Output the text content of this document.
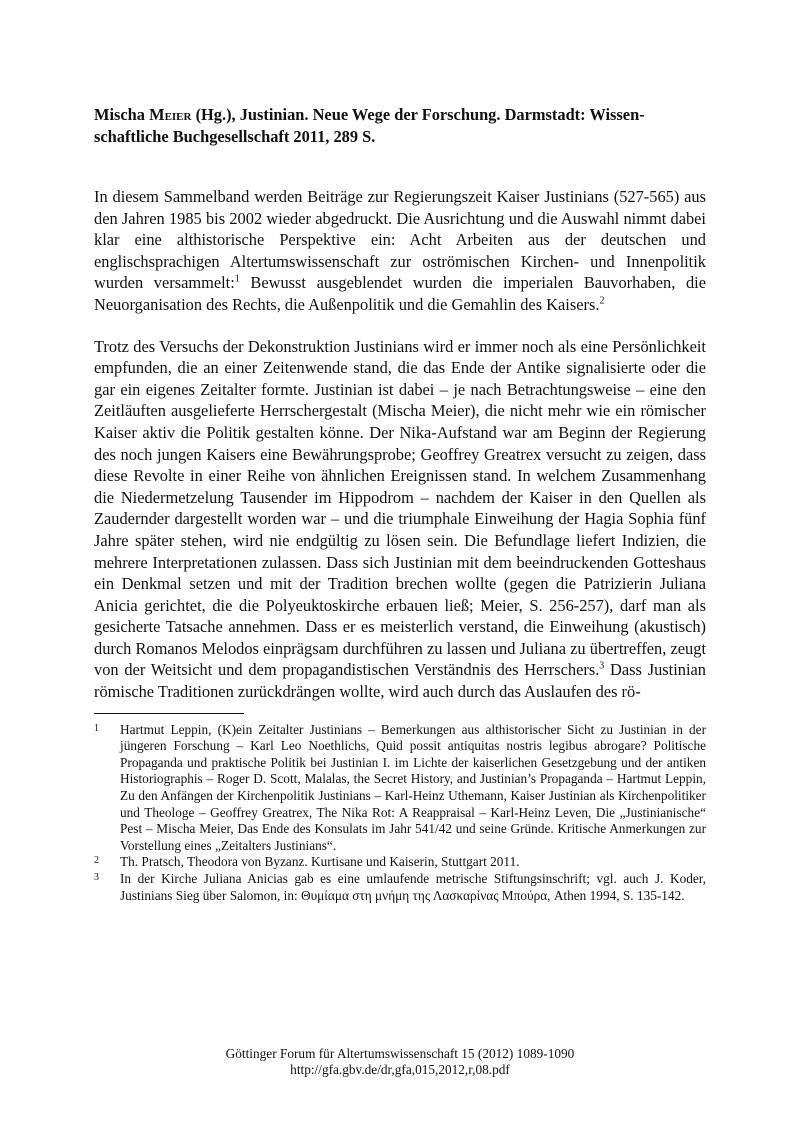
Mischa Meier (Hg.), Justinian. Neue Wege der Forschung. Darmstadt: Wissen-
schaftliche Buchgesellschaft 2011, 289 S.

In diesem Sammelband werden Beiträge zur Regierungszeit Kaiser Justinians (527-565) aus den Jahren 1985 bis 2002 wieder abgedruckt. Die Ausrichtung und die Auswahl nimmt dabei klar eine althistorische Perspektive ein: Acht Arbeiten aus der deutschen und englischsprachigen Altertumswissenschaft zur oströmischen Kirchen- und Innenpolitik wurden versammelt:$^1$ Bewusst ausgeblendet wurden die imperialen Bauvorhaben, die Neuorganisation des Rechts, die Außenpolitik und die Gemahlin des Kaisers.$^2$

Trotz des Versuchs der Dekonstruktion Justinians wird er immer noch als eine Persönlichkeit empfunden, die an einer Zeitenwende stand, die das Ende der Antike signalisierte oder die gar ein eigenes Zeitalter formte. Justinian ist dabei – je nach Betrachtungsweise – eine den Zeitläuften ausgelieferte Herrschergestalt (Mischa Meier), die nicht mehr wie ein römischer Kaiser aktiv die Politik gestalten könne. Der Nika-Aufstand war am Beginn der Regierung des noch jungen Kaisers eine Bewährungsprobe; Geoffrey Greatrex versucht zu zeigen, dass diese Revolte in einer Reihe von ähnlichen Ereignissen stand. In welchem Zusammenhang die Niedermetzelung Tausender im Hippodrom – nachdem der Kaiser in den Quellen als Zaudernder dargestellt worden war – und die triumphale Einweihung der Hagia Sophia fünf Jahre später stehen, wird nie endgültig zu lösen sein. Die Befundlage liefert Indizien, die mehrere Interpretationen zulassen. Dass sich Justinian mit dem beeindruckenden Gotteshaus ein Denkmal setzen und mit der Tradition brechen wollte (gegen die Patrizierin Juliana Anicia gerichtet, die die Polyeuktoskirche erbauen ließ; Meier, S. 256-257), darf man als gesicherte Tatsache annehmen. Dass er es meisterlich verstand, die Einweihung (akustisch) durch Romanos Melodos einprägsam durchführen zu lassen und Juliana zu übertreffen, zeugt von der Weitsicht und dem propagandistischen Verständnis des Herrschers.$^3$ Dass Justinian römische Traditionen zurückdrängen wollte, wird auch durch das Auslaufen des rö-

1	Hartmut Leppin, (K)ein Zeitalter Justinians – Bemerkungen aus althistorischer Sicht zu Justinian in der jüngeren Forschung – Karl Leo Noethlichs, Quid possit antiquitas nostris legibus abrogare? Politische Propaganda und praktische Politik bei Justinian I. im Lichte der kaiserlichen Gesetzgebung und der antiken Historiographis – Roger D. Scott, Malalas, the Secret History, and Justinian’s Propaganda – Hartmut Leppin, Zu den Anfängen der Kirchenpolitik Justinians – Karl-Heinz Uthemann, Kaiser Justinian als Kirchenpolitiker und Theologe – Geoffrey Greatrex, The Nika Rot: A Reappraisal – Karl-Heinz Leven, Die „Justinianische“ Pest – Mischa Meier, Das Ende des Konsulats im Jahr 541/42 und seine Gründe. Kritische Anmerkungen zur Vorstellung eines „Zeitalters Justinians“.
2	Th. Pratsch, Theodora von Byzanz. Kurtisane und Kaiserin, Stuttgart 2011.
3	In der Kirche Juliana Anicias gab es eine umlaufende metrische Stiftungsinschrift; vgl. auch J. Koder, Justinians Sieg über Salomon, in: Θυμίαμα στη μνήμη της Λασκαρίνας Μπούρα, Athen 1994, S. 135-142.
Göttinger Forum für Altertumswissenschaft 15 (2012) 1089-1090
http://gfa.gbv.de/dr,gfa,015,2012,r,08.pdf
